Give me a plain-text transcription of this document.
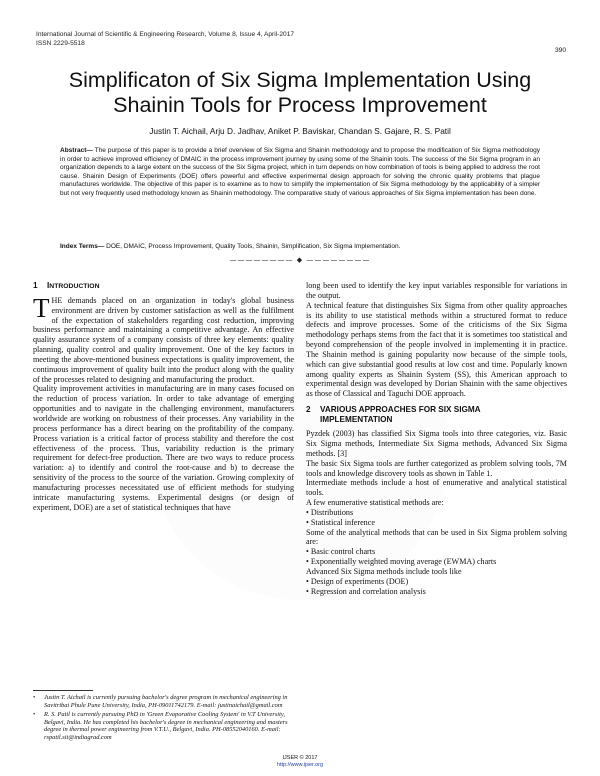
International Journal of Scientific & Engineering Research, Volume 8, Issue 4, April-2017
ISSN 2229-5518
390
Simplificaton of Six Sigma Implementation Using
Shainin Tools for Process Improvement
Justin T. Aichail, Arju D. Jadhav, Aniket P. Baviskar, Chandan S. Gajare, R. S. Patil
Abstract— The purpose of this paper is to provide a brief overview of Six Sigma and Shainin methodology and to propose the modification of Six Sigma methodology in order to achieve improved efficiency of DMAIC in the process improvement journey by using some of the Shainin tools. The success of the Six Sigma program in an organization depends to a large extent on the success of the Six Sigma project, which in turn depends on how combination of tools is being applied to address the root cause. Shainin Design of Experiments (DOE) offers powerful and effective experimental design approach for solving the chronic quality problems that plague manufactures worldwide. The objective of this paper is to examine as to how to simplify the implementation of Six Sigma methodology by the applicability of a simpler but not very frequently used methodology known as Shainin methodology. The comparative study of various approaches of Six Sigma implementation has been done.
Index Terms— DOE, DMAIC, Process Improvement, Quality Tools, Shainin, Simplification, Six Sigma Implementation.
———————— ◆ ————————
1 INTRODUCTION

THE demands placed on an organization in today's global business environment are driven by customer satisfaction as well as the fulfilment of the expectation of stakeholders regarding cost reduction, improving business performance and maintaining a competitive advantage. An effective quality assurance system of a company consists of three key elements: quality planning, quality control and quality improvement. One of the key factors in meeting the above-mentioned business expectations is quality improvement, the continuous improvement of quality built into the product along with the quality of the processes related to designing and manufacturing the product.

Quality improvement activities in manufacturing are in many cases focused on the reduction of process variation. In order to take advantage of emerging opportunities and to navigate in the challenging environment, manufacturers worldwide are working on robustness of their processes. Any variability in the process performance has a direct bearing on the profitability of the company. Process variation is a critical factor of process stability and therefore the cost effectiveness of the process. Thus, variability reduction is the primary requirement for defect-free production. There are two ways to reduce process variation: a) to identify and control the root-cause and b) to decrease the sensitivity of the process to the source of the variation. Growing complexity of manufacturing processes necessitated use of efficient methods for studying intricate manufacturing systems. Experimental designs (or design of experiment, DOE) are a set of statistical techniques that have

long been used to identify the key input variables responsible for variations in the output.

A technical feature that distinguishes Six Sigma from other quality approaches is its ability to use statistical methods within a structured format to reduce defects and improve processes. Some of the criticisms of the Six Sigma methodology perhaps stems from the fact that it is sometimes too statistical and beyond comprehension of the people involved in implementing it in practice. The Shainin method is gaining popularity now because of the simple tools, which can give substantial good results at low cost and time. Popularly known among quality experts as Shainin System (SS), this American approach to experimental design was developed by Dorian Shainin with the same objectives as those of Classical and Taguchi DOE approach.

2 VARIOUS APPROACHES FOR SIX SIGMA
IMPLEMENTATION

Pyzdek (2003) has classified Six Sigma tools into three categories, viz. Basic Six Sigma methods, Intermediate Six Sigma methods, Advanced Six Sigma methods. [3]

The basic Six Sigma tools are further categorized as problem solving tools, 7M tools and knowledge discovery tools as shown in Table 1.

Intermediate methods include a host of enumerative and analytical statistical tools.

A few enumerative statistical methods are:

• Distributions

• Statistical inference

Some of the analytical methods that can be used in Six Sigma problem solving are:

• Basic control charts

• Exponentially weighted moving average (EWMA) charts

Advanced Six Sigma methods include tools like

• Design of experiments (DOE)

• Regression and correlation analysis

• Justin T. Aichail is currently pursuing bachelor's degree program in mechanical engineering in Savitribai Phule Pune University, India, PH-09011742179. E-mail: justinaichail@gmail.com
• R. S. Patil is currently pursuing PhD in 'Green Evaporative Cooling System' in V.T University, Belgavi, India. He has completed his bachelor's degree in mechanical engineering and masters degree in thermal power engineering from V.T.U., Belgavi, India. PH-08552040160. E-mail: rspatil.sit@indiagrad.com
IJSER © 2017
http://www.ijser.org
